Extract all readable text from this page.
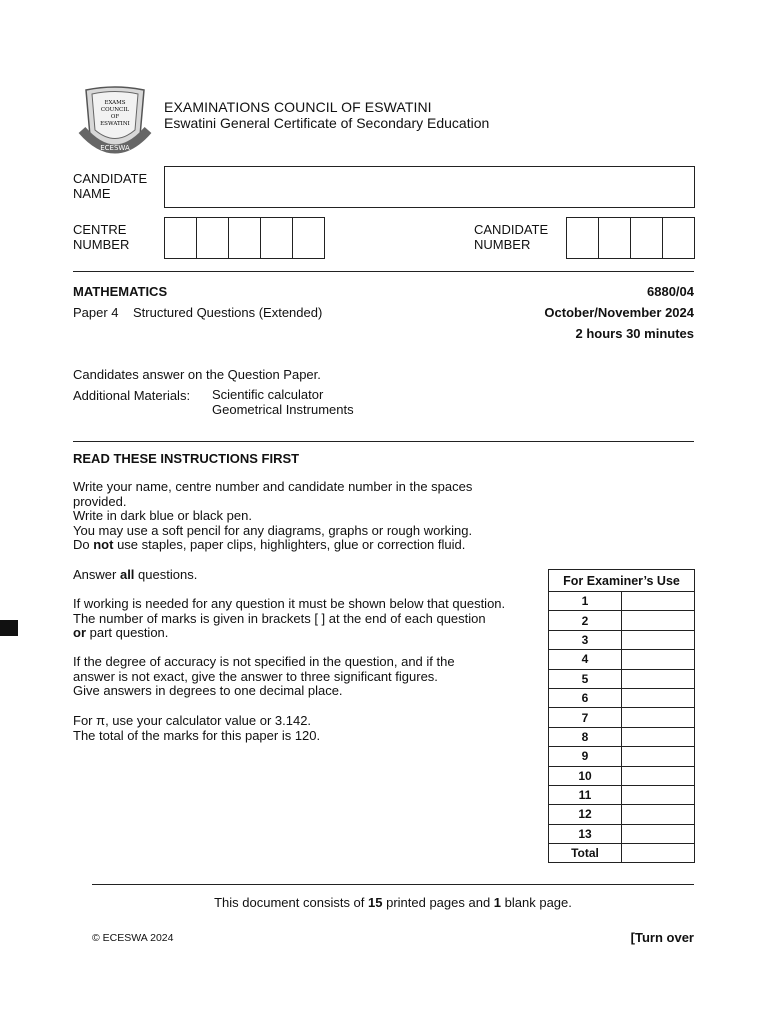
EXAMS
COUNCIL
OF
ESWATINI
ECESWA
EXAMINATIONS COUNCIL OF ESWATINI
Eswatini General Certificate of Secondary Education
CANDIDATE
NAME
CENTRE
NUMBER
CANDIDATE
NUMBER
MATHEMATICS	6880/04
Paper 4    Structured Questions (Extended)	October/November 2024
2 hours 30 minutes
Candidates answer on the Question Paper.
Additional Materials: Scientific calculator
Geometrical Instruments
READ THESE INSTRUCTIONS FIRST

Write your name, centre number and candidate number in the spaces

provided.

Write in dark blue or black pen.

You may use a soft pencil for any diagrams, graphs or rough working.

Do not use staples, paper clips, highlighters, glue or correction fluid.

Answer all questions.

If working is needed for any question it must be shown below that question.

The number of marks is given in brackets [ ] at the end of each question

or part question.

If the degree of accuracy is not specified in the question, and if the

answer is not exact, give the answer to three significant figures.

Give answers in degrees to one decimal place.

For π, use your calculator value or 3.142.

The total of the marks for this paper is 120.

For Examiner’s Use	
1	
2	
3	
4	
5	
6	
7	
8	
9	
10	
11	
12	
13	
Total	
This document consists of 15 printed pages and 1 blank page.
© ECESWA 2024	[Turn over
